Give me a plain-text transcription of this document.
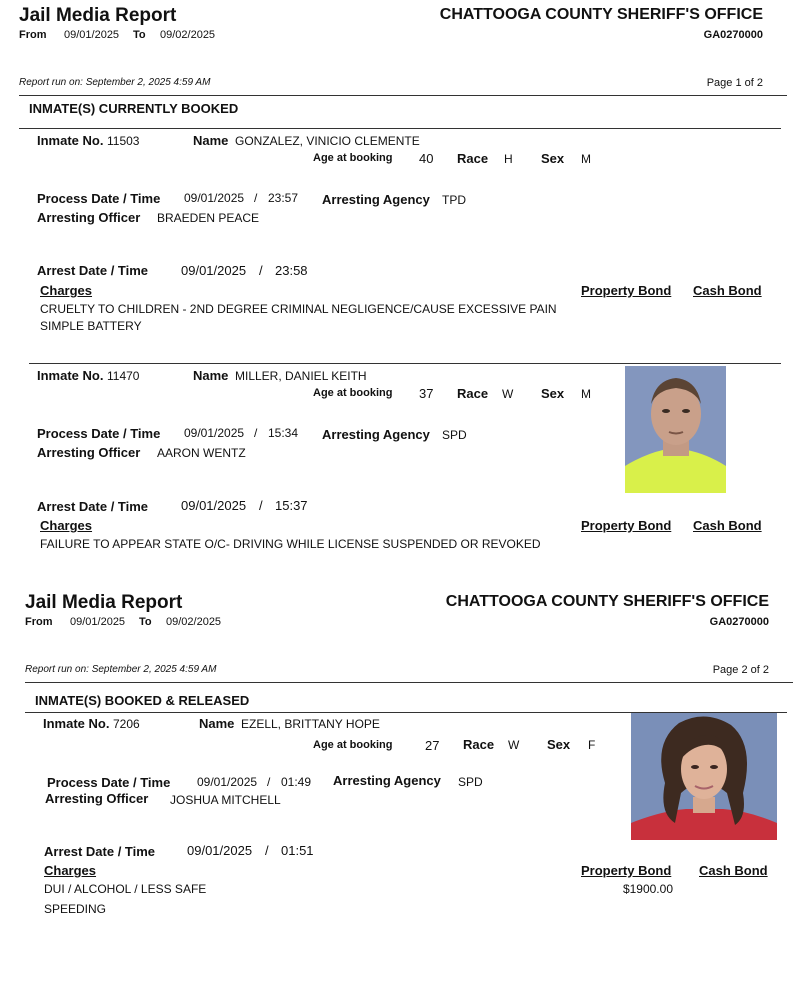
Jail Media Report	CHATTOOGA COUNTY SHERIFF'S OFFICE
From 09/01/2025 To 09/02/2025	GA0270000
Report run on: September 2, 2025 4:59 AM	Page 1 of 2
INMATE(S) CURRENTLY BOOKED
Inmate No. 11503	Name GONZALEZ, VINICIO CLEMENTE
Age at booking 40 Race H Sex M
Process Date / Time 09/01/2025 / 23:57 Arresting Agency TPD
Arresting Officer BRAEDEN PEACE
Arrest Date / Time	09/01/2025 / 23:58
Charges	Property Bond Cash Bond
CRUELTY TO CHILDREN - 2ND DEGREE CRIMINAL NEGLIGENCE/CAUSE EXCESSIVE PAIN
SIMPLE BATTERY
Inmate No. 11470	Name MILLER, DANIEL KEITH
Age at booking 37 Race W Sex M
Process Date / Time 09/01/2025 / 15:34 Arresting Agency SPD
Arresting Officer AARON WENTZ
Arrest Date / Time	09/01/2025 / 15:37
Charges	Property Bond Cash Bond
FAILURE TO APPEAR STATE O/C- DRIVING WHILE LICENSE SUSPENDED OR REVOKED
Jail Media Report	CHATTOOGA COUNTY SHERIFF'S OFFICE
From 09/01/2025 To 09/02/2025	GA0270000
Report run on: September 2, 2025 4:59 AM	Page 2 of 2
INMATE(S) BOOKED & RELEASED
Inmate No. 7206	Name EZELL, BRITTANY HOPE
Age at booking	27 Race W Sex F
Process Date / Time 09/01/2025 / 01:49 Arresting Agency SPD
Arresting Officer JOSHUA MITCHELL
Arrest Date / Time 09/01/2025 / 01:51
Charges	Property Bond Cash Bond
DUI / ALCOHOL / LESS SAFE	$1900.00
SPEEDING
